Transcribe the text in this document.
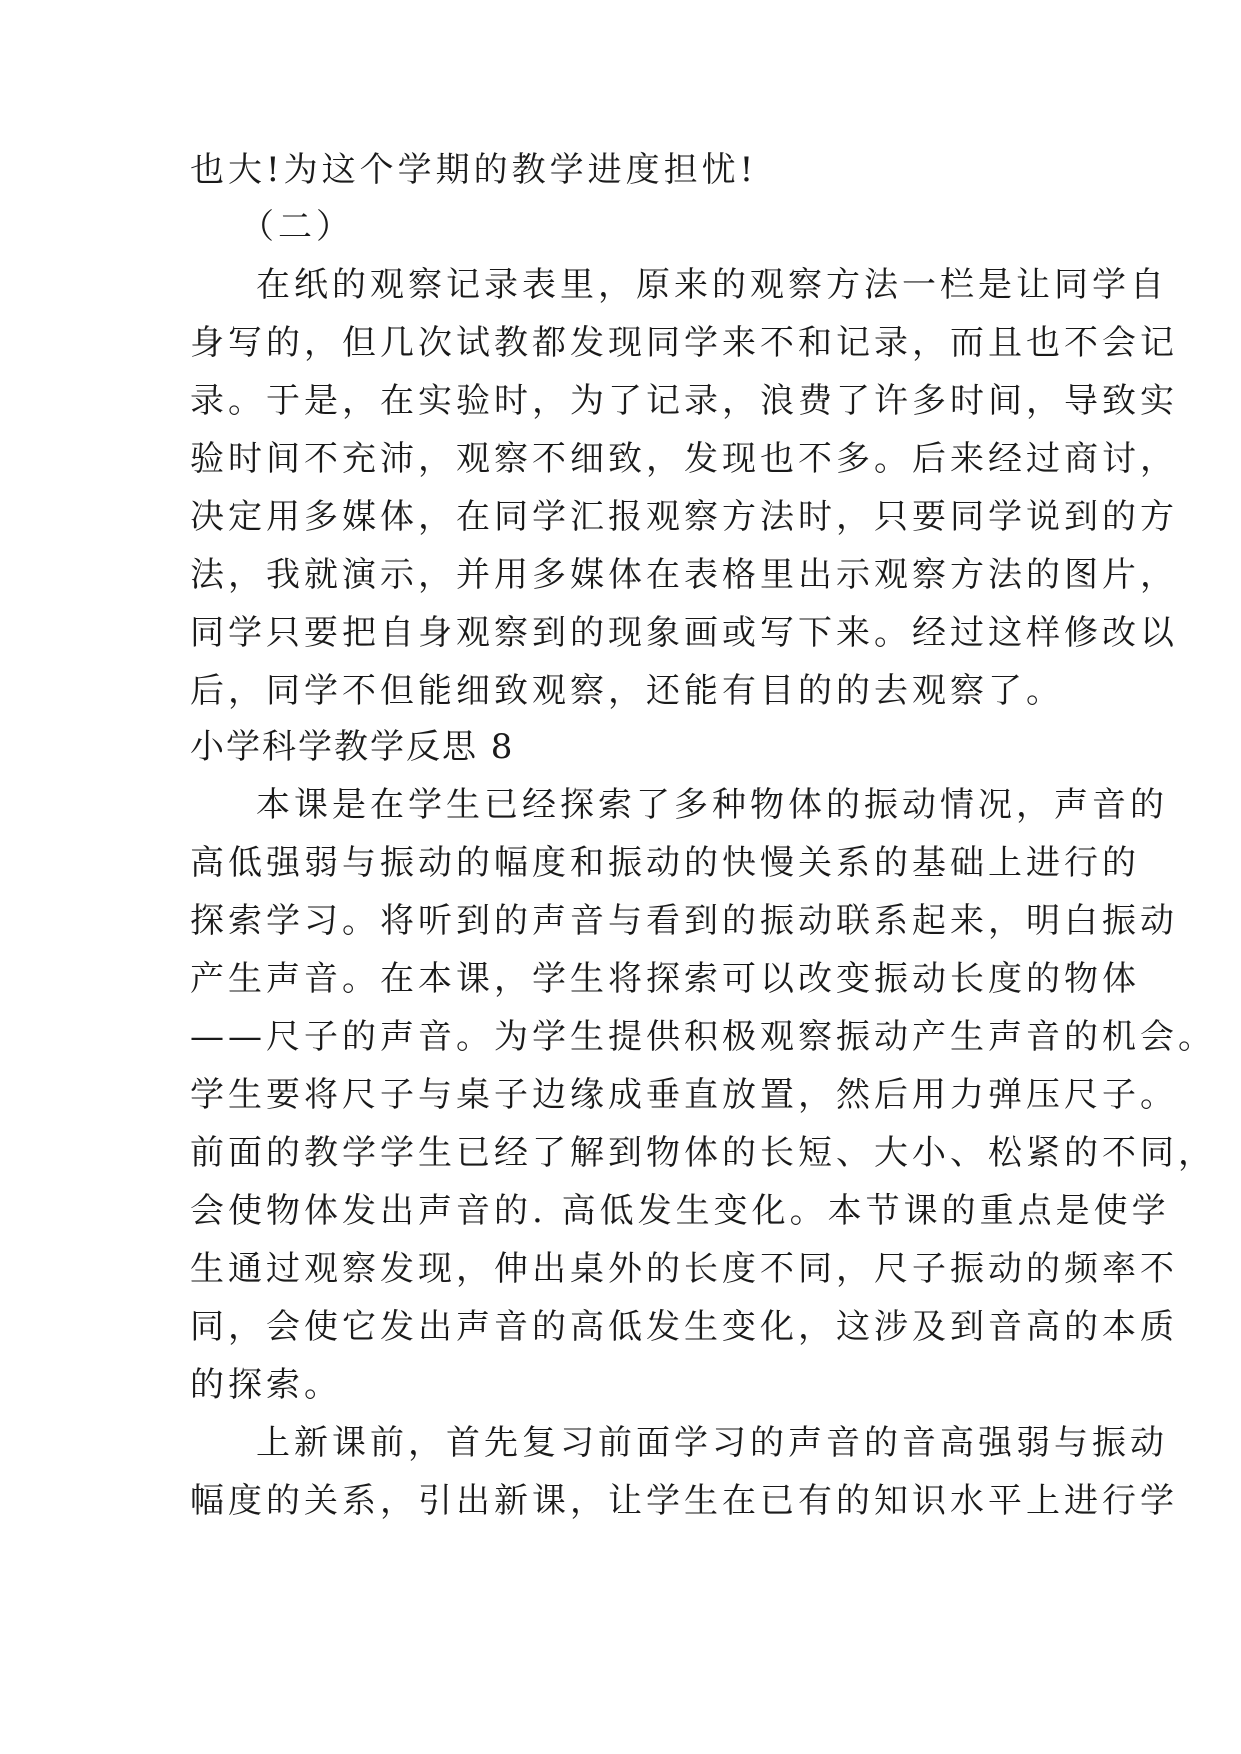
也大!为这个学期的教学进度担忧!
（二）
在纸的观察记录表里，原来的观察方法一栏是让同学自
身写的，但几次试教都发现同学来不和记录，而且也不会记
录。于是，在实验时，为了记录，浪费了许多时间，导致实
验时间不充沛，观察不细致，发现也不多。后来经过商讨，
决定用多媒体，在同学汇报观察方法时，只要同学说到的方
法，我就演示，并用多媒体在表格里出示观察方法的图片，
同学只要把自身观察到的现象画或写下来。经过这样修改以
后，同学不但能细致观察，还能有目的的去观察了。
小学科学教学反思 8
本课是在学生已经探索了多种物体的振动情况，声音的
高低强弱与振动的幅度和振动的快慢关系的基础上进行的
探索学习。将听到的声音与看到的振动联系起来，明白振动
产生声音。在本课，学生将探索可以改变振动长度的物体
——尺子的声音。为学生提供积极观察振动产生声音的机会。
学生要将尺子与桌子边缘成垂直放置，然后用力弹压尺子。
前面的教学学生已经了解到物体的长短、大小、松紧的不同，
会使物体发出声音的. 高低发生变化。本节课的重点是使学
生通过观察发现，伸出桌外的长度不同，尺子振动的频率不
同，会使它发出声音的高低发生变化，这涉及到音高的本质
的探索。
上新课前，首先复习前面学习的声音的音高强弱与振动
幅度的关系，引出新课，让学生在已有的知识水平上进行学
